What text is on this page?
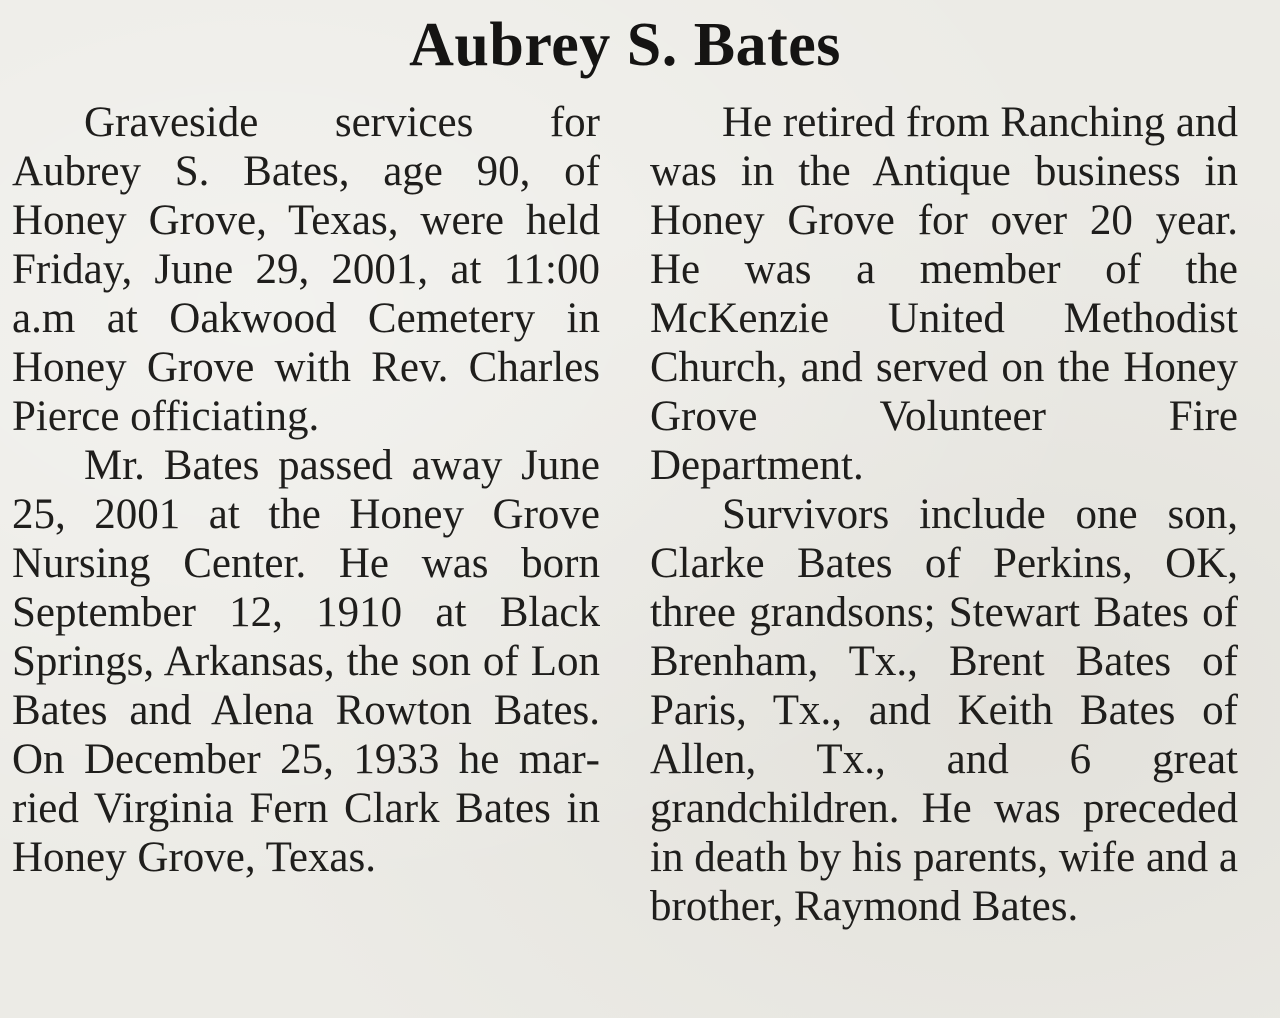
Aubrey S. Bates

Graveside services for Aubrey S. Bates, age 90, of Honey Grove, Texas, were held Friday, June 29, 2001, at 11:00 a.m at Oakwood Cemetery in Honey Grove with Rev. Charles Pierce officiating.

Mr. Bates passed away June 25, 2001 at the Honey Grove Nursing Center. He was born September 12, 1910 at Black Springs, Arkansas, the son of Lon Bates and Alena Rowton Bates. On December 25, 1933 he married Virginia Fern Clark Bates in Honey Grove, Texas.

He retired from Ranching and was in the Antique business in Honey Grove for over 20 year. He was a member of the McKenzie United Methodist Church, and served on the Honey Grove Volunteer Fire Department.

Survivors include one son, Clarke Bates of Perkins, OK, three grandsons; Stewart Bates of Brenham, Tx., Brent Bates of Paris, Tx., and Keith Bates of Allen, Tx., and 6 great grandchildren. He was preceded in death by his parents, wife and a brother, Raymond Bates.
